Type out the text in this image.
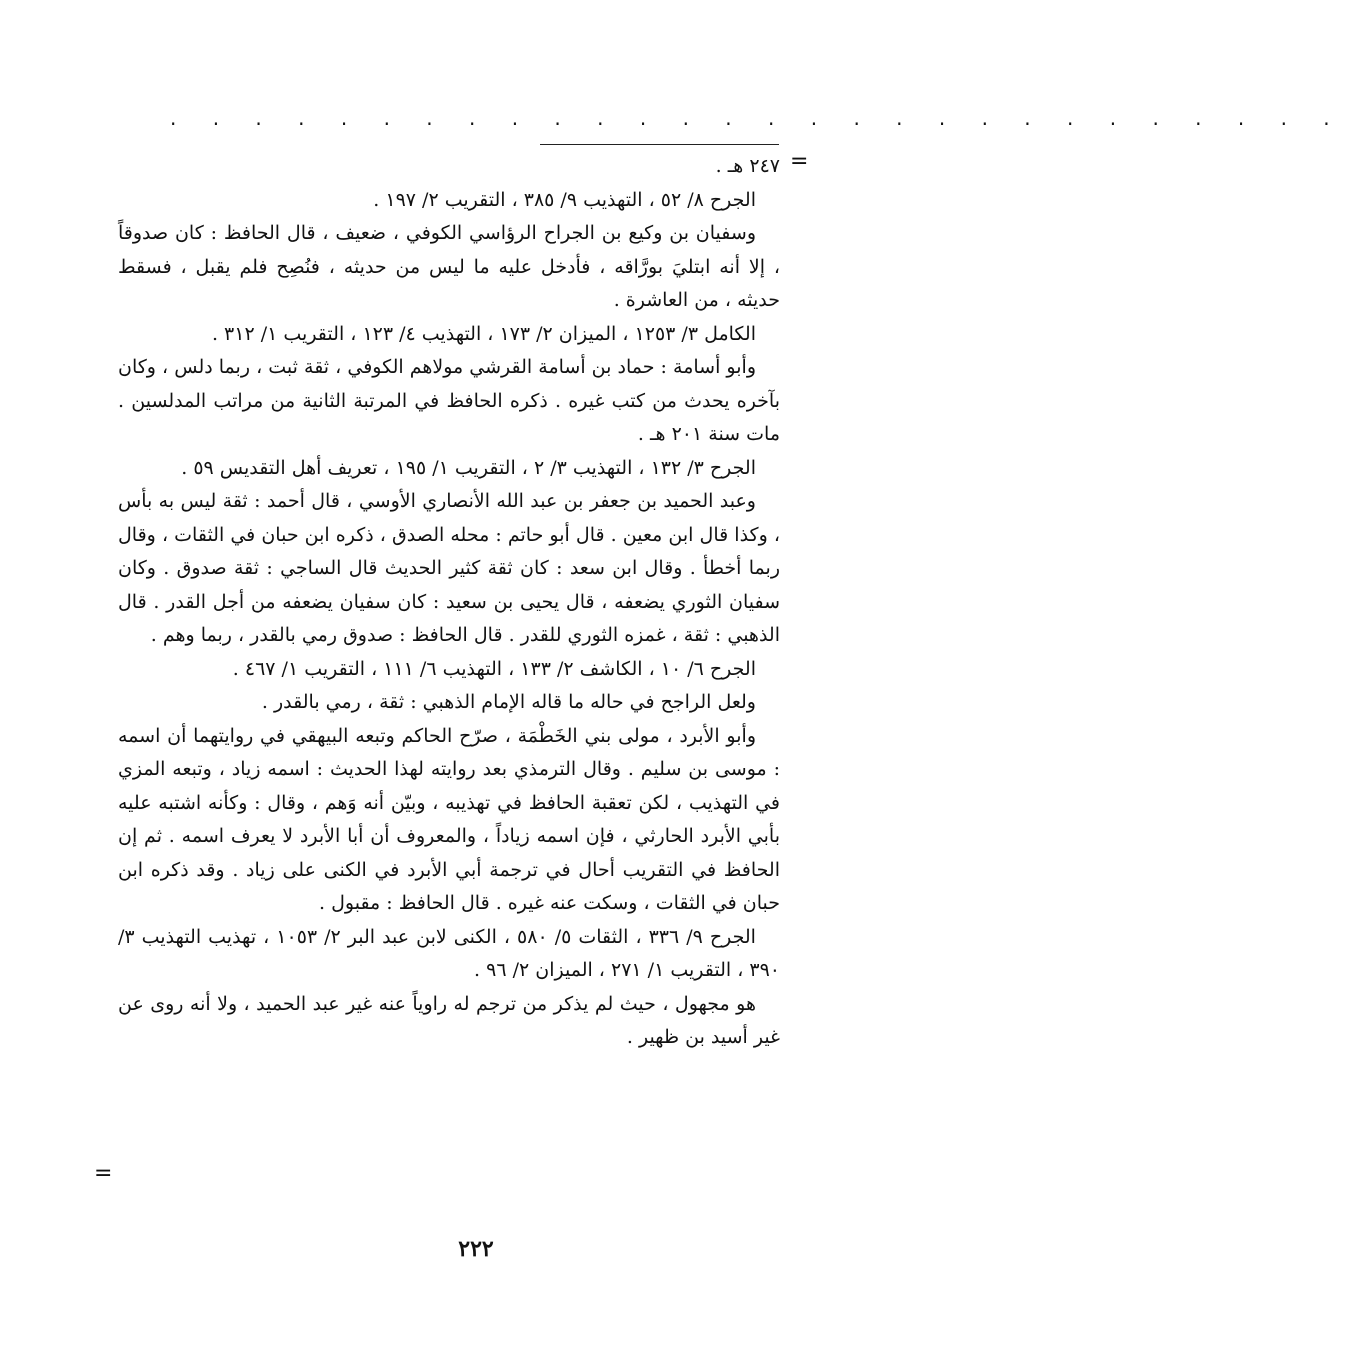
. . . . . . . . . . . . . . . . . . . . . . . . . . . .
=

٢٤٧ هـ .

الجرح ٨/ ٥٢ ، التهذيب ٩/ ٣٨٥ ، التقريب ٢/ ١٩٧ .

وسفيان بن وكيع بن الجراح الرؤاسي الكوفي ، ضعيف ، قال الحافظ : كان صدوقاً ، إلا أنه ابتليَ بورَّاقه ، فأدخل عليه ما ليس من حديثه ، فنُصِح فلم يقبل ، فسقط حديثه ، من العاشرة .

الكامل ٣/ ١٢٥٣ ، الميزان ٢/ ١٧٣ ، التهذيب ٤/ ١٢٣ ، التقريب ١/ ٣١٢ .

وأبو أسامة : حماد بن أسامة القرشي مولاهم الكوفي ، ثقة ثبت ، ربما دلس ، وكان بآخره يحدث من كتب غيره . ذكره الحافظ في المرتبة الثانية من مراتب المدلسين . مات سنة ٢٠١ هـ .

الجرح ٣/ ١٣٢ ، التهذيب ٣/ ٢ ، التقريب ١/ ١٩٥ ، تعريف أهل التقديس ٥٩ .

وعبد الحميد بن جعفر بن عبد الله الأنصاري الأوسي ، قال أحمد : ثقة ليس به بأس ، وكذا قال ابن معين . قال أبو حاتم : محله الصدق ، ذكره ابن حبان في الثقات ، وقال ربما أخطأ . وقال ابن سعد : كان ثقة كثير الحديث قال الساجي : ثقة صدوق . وكان سفيان الثوري يضعفه ، قال يحيى بن سعيد : كان سفيان يضعفه من أجل القدر . قال الذهبي : ثقة ، غمزه الثوري للقدر . قال الحافظ : صدوق رمي بالقدر ، ربما وهم .

الجرح ٦/ ١٠ ، الكاشف ٢/ ١٣٣ ، التهذيب ٦/ ١١١ ، التقريب ١/ ٤٦٧ .

ولعل الراجح في حاله ما قاله الإمام الذهبي : ثقة ، رمي بالقدر .

وأبو الأبرد ، مولى بني الخَطْمَة ، صرّح الحاكم وتبعه البيهقي في روايتهما أن اسمه : موسى بن سليم . وقال الترمذي بعد روايته لهذا الحديث : اسمه زياد ، وتبعه المزي في التهذيب ، لكن تعقبة الحافظ في تهذيبه ، وبيّن أنه وَهم ، وقال : وكأنه اشتبه عليه بأبي الأبرد الحارثي ، فإن اسمه زياداً ، والمعروف أن أبا الأبرد لا يعرف اسمه . ثم إن الحافظ في التقريب أحال في ترجمة أبي الأبرد في الكنى على زياد . وقد ذكره ابن حبان في الثقات ، وسكت عنه غيره . قال الحافظ : مقبول .

الجرح ٩/ ٣٣٦ ، الثقات ٥/ ٥٨٠ ، الكنى لابن عبد البر ٢/ ١٠٥٣ ، تهذيب التهذيب ٣/ ٣٩٠ ، التقريب ١/ ٢٧١ ، الميزان ٢/ ٩٦ .

هو مجهول ، حيث لم يذكر من ترجم له راوياً عنه غير عبد الحميد ، ولا أنه روى عن غير أسيد بن ظهير .

=
٢٢٢
